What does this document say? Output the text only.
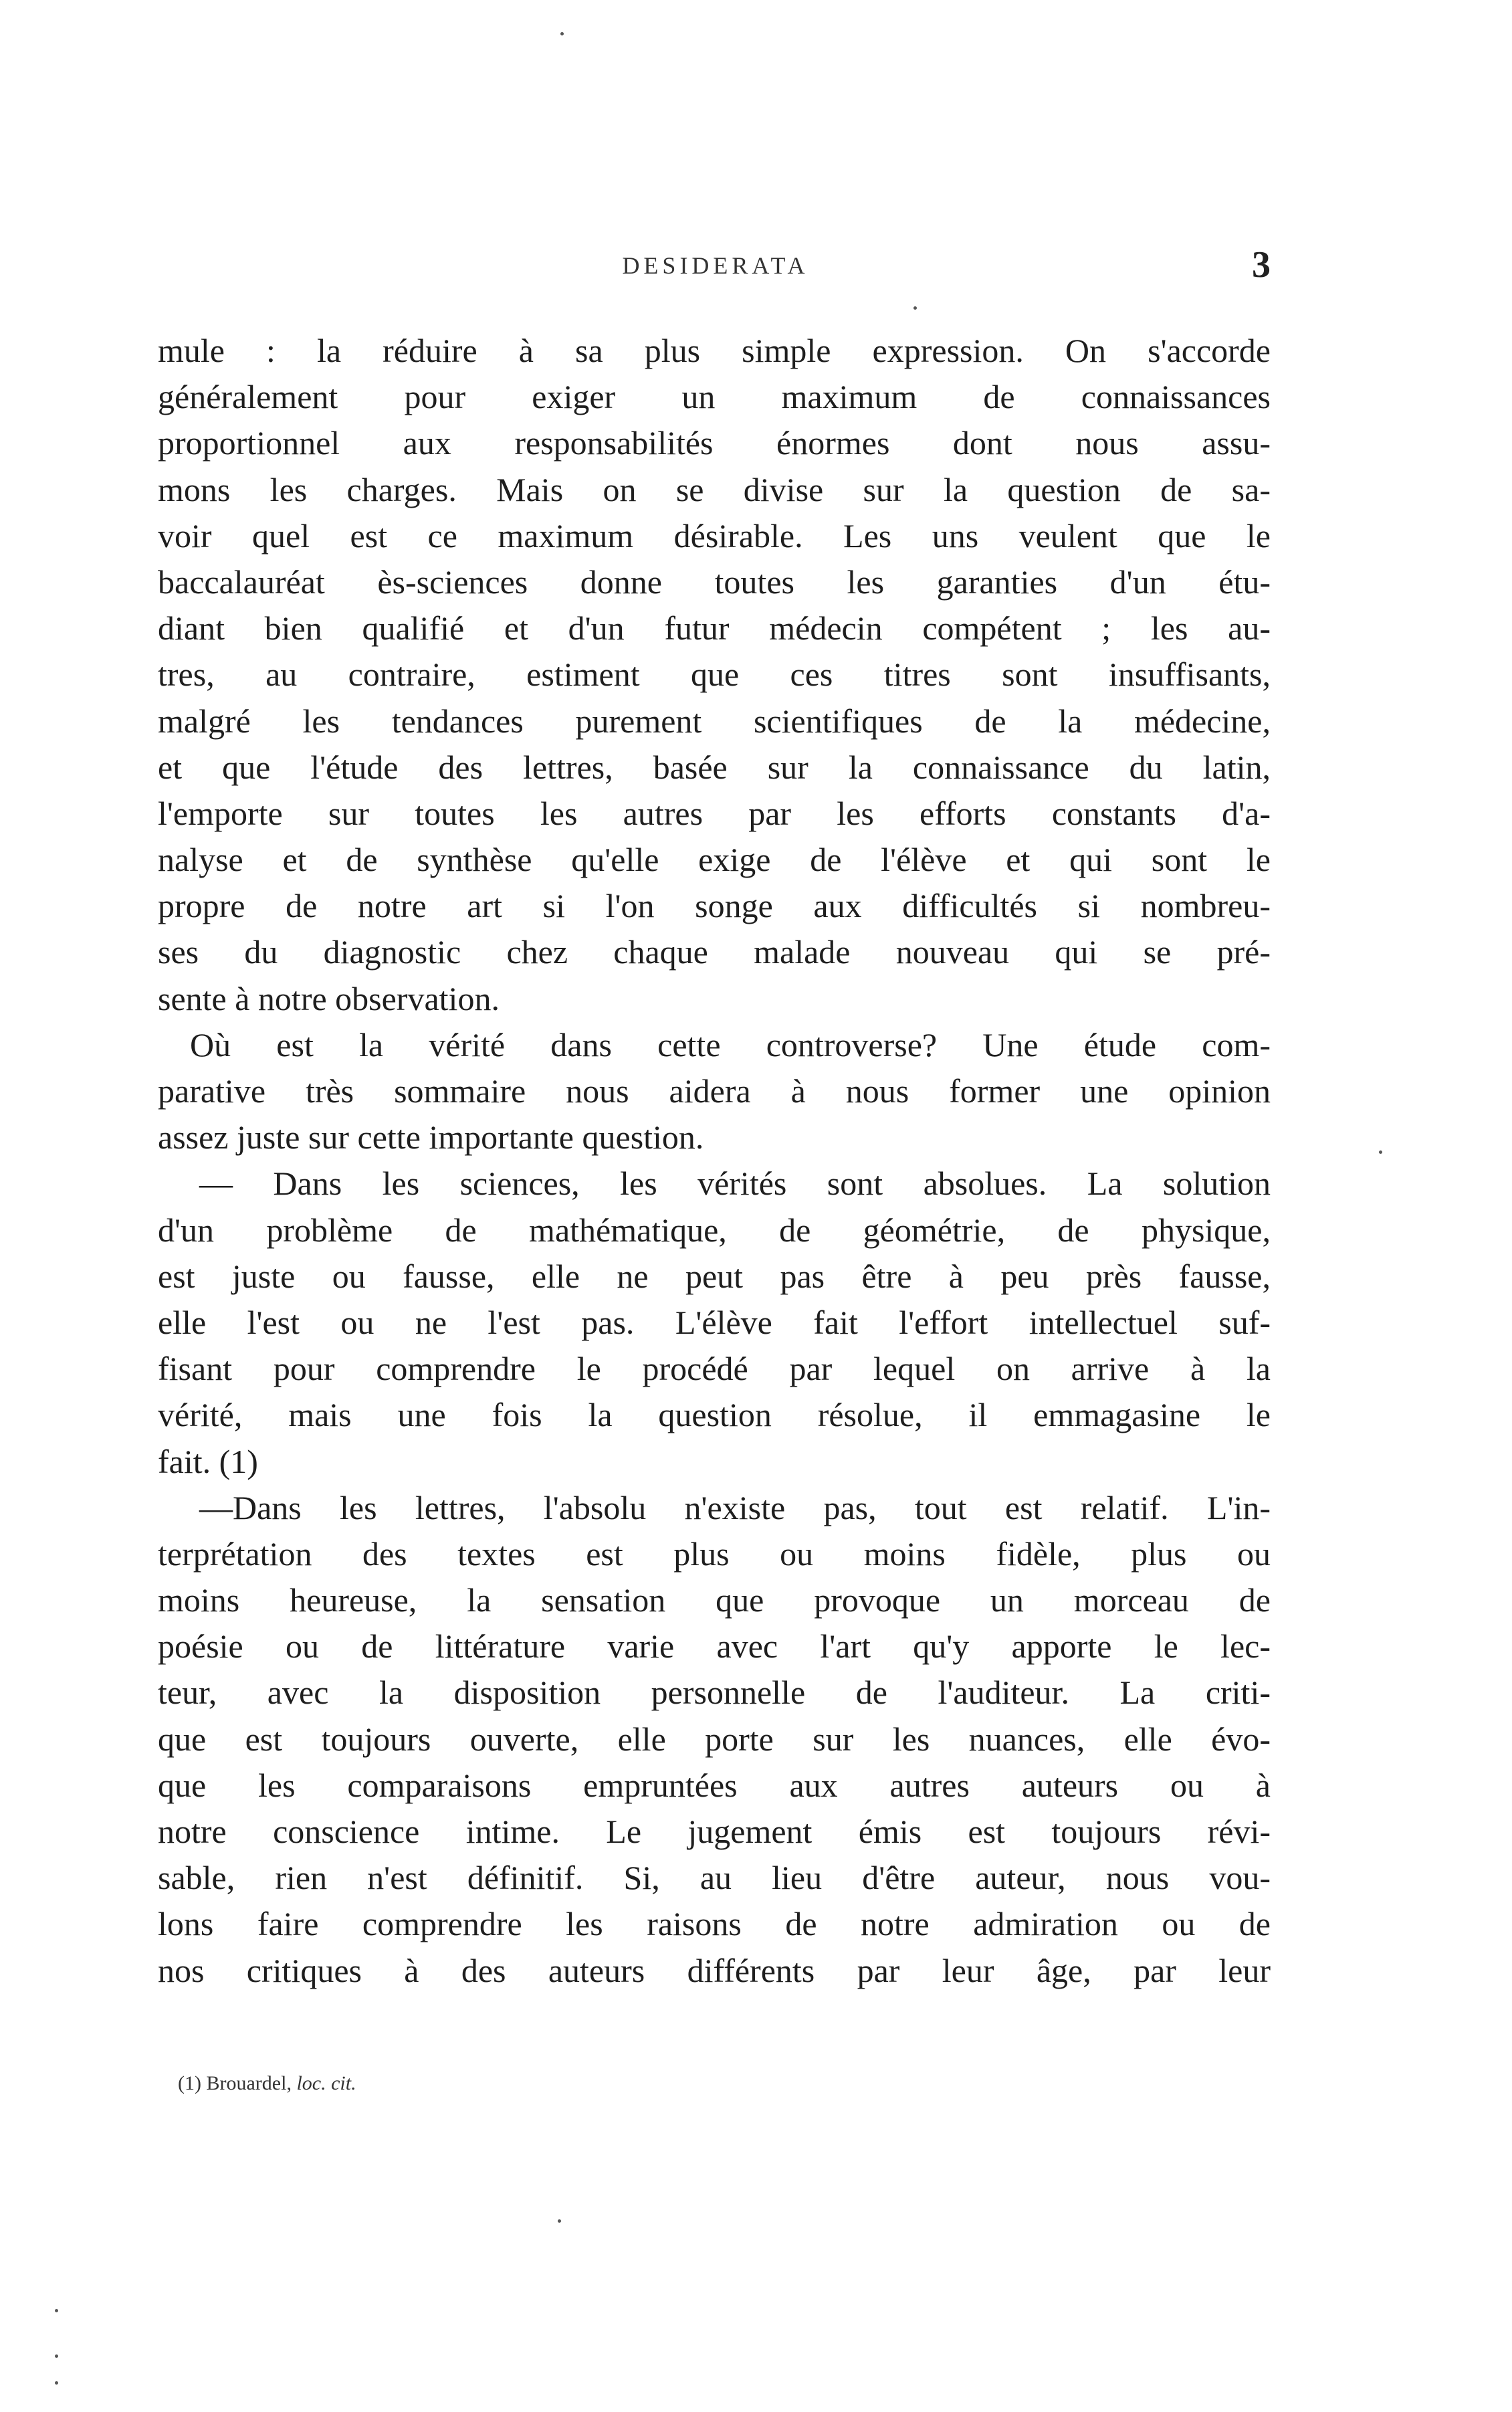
DESIDERATA	3
mule : la réduire à sa plus simple expression. On s'accorde
généralement pour exiger un maximum de connaissances
proportionnel aux responsabilités énormes dont nous assu-
mons les charges. Mais on se divise sur la question de sa-
voir quel est ce maximum désirable. Les uns veulent que le
baccalauréat ès-sciences donne toutes les garanties d'un étu-
diant bien qualifié et d'un futur médecin compétent ; les au-
tres, au contraire, estiment que ces titres sont insuffisants,
malgré les tendances purement scientifiques de la médecine,
et que l'étude des lettres, basée sur la connaissance du latin,
l'emporte sur toutes les autres par les efforts constants d'a-
nalyse et de synthèse qu'elle exige de l'élève et qui sont le
propre de notre art si l'on songe aux difficultés si nombreu-
ses du diagnostic chez chaque malade nouveau qui se pré-
sente à notre observation.
Où est la vérité dans cette controverse? Une étude com-
parative très sommaire nous aidera à nous former une opinion
assez juste sur cette importante question.
— Dans les sciences, les vérités sont absolues. La solution
d'un problème de mathématique, de géométrie, de physique,
est juste ou fausse, elle ne peut pas être à peu près fausse,
elle l'est ou ne l'est pas. L'élève fait l'effort intellectuel suf-
fisant pour comprendre le procédé par lequel on arrive à la
vérité, mais une fois la question résolue, il emmagasine le
fait. (1)
—Dans les lettres, l'absolu n'existe pas, tout est relatif. L'in-
terprétation des textes est plus ou moins fidèle, plus ou
moins heureuse, la sensation que provoque un morceau de
poésie ou de littérature varie avec l'art qu'y apporte le lec-
teur, avec la disposition personnelle de l'auditeur. La criti-
que est toujours ouverte, elle porte sur les nuances, elle évo-
que les comparaisons empruntées aux autres auteurs ou à
notre conscience intime. Le jugement émis est toujours révi-
sable, rien n'est définitif. Si, au lieu d'être auteur, nous vou-
lons faire comprendre les raisons de notre admiration ou de
nos critiques à des auteurs différents par leur âge, par leur
(1) Brouardel, loc. cit.
